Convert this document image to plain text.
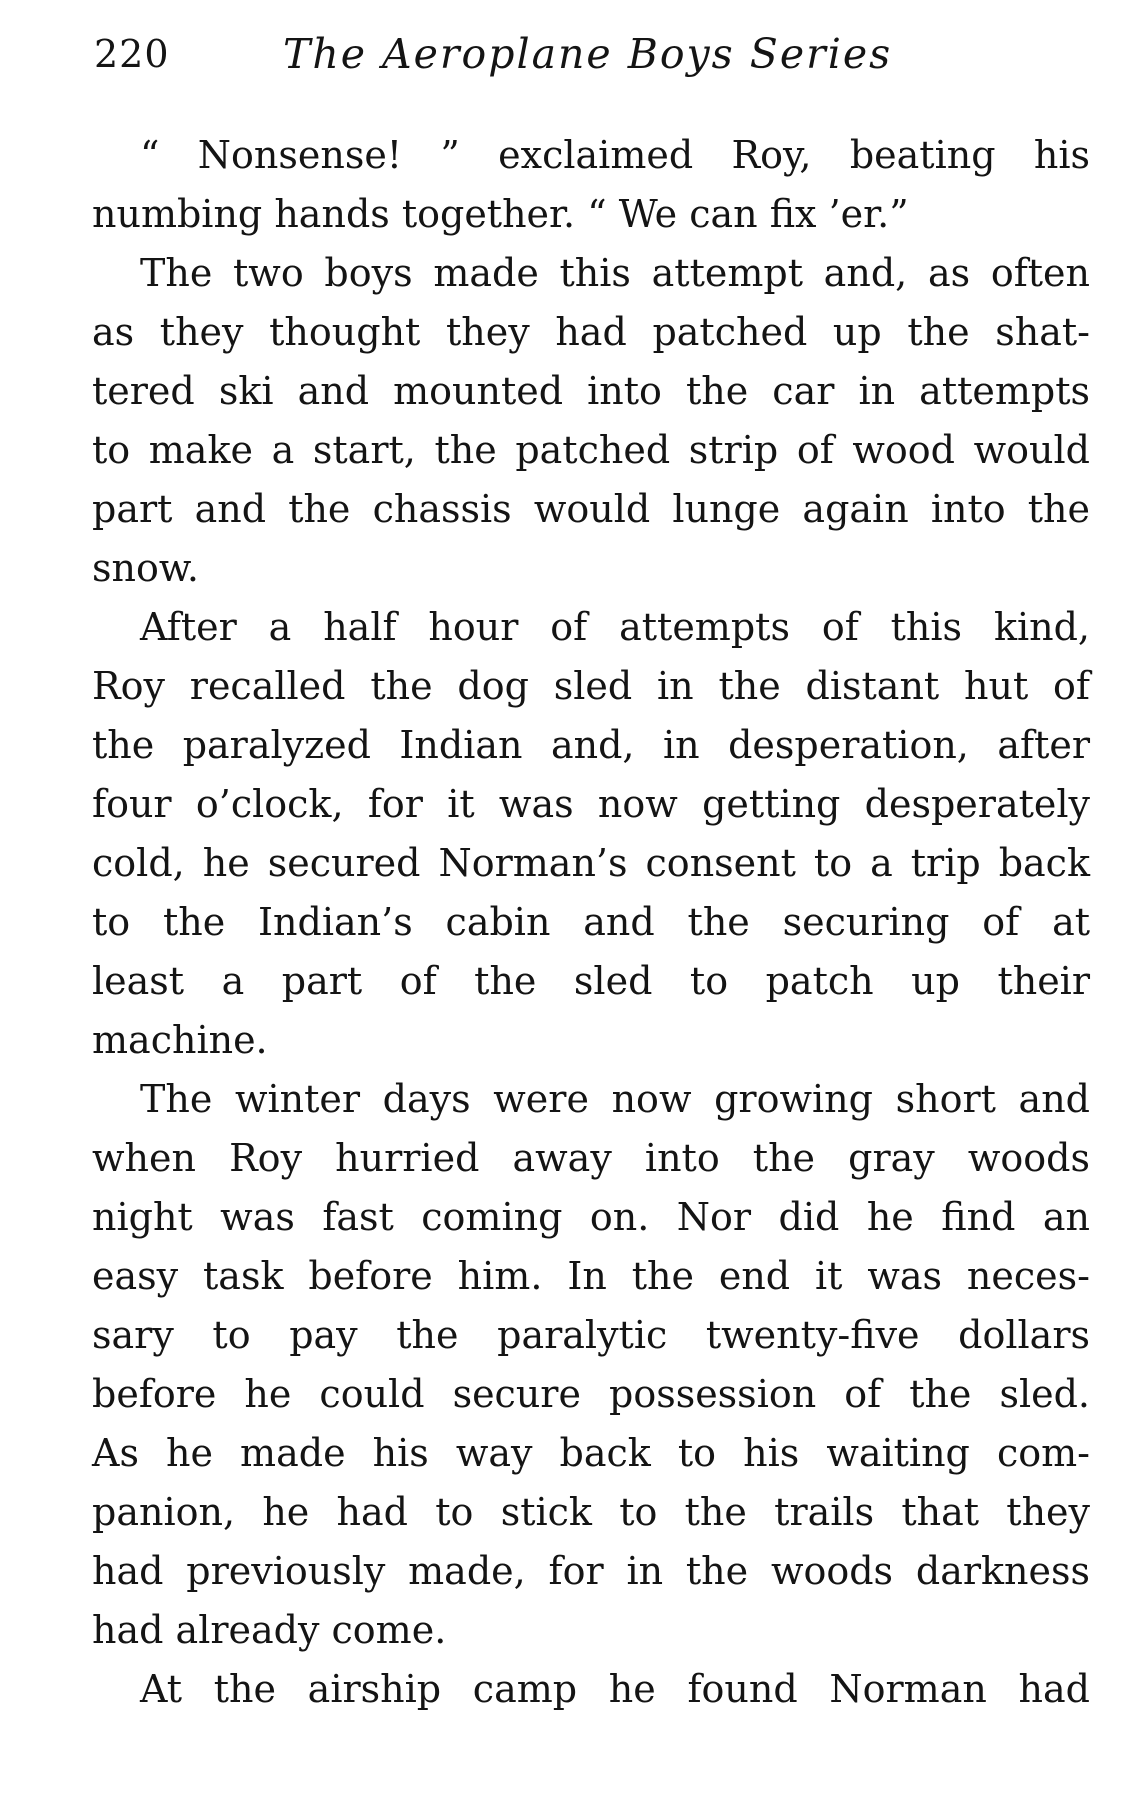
220	The Aeroplane Boys Series
“ Nonsense! ” exclaimed Roy, beating his
numbing hands together. “ We can fix ’er.”
The two boys made this attempt and, as often
as they thought they had patched up the shat-
tered ski and mounted into the car in attempts
to make a start, the patched strip of wood would
part and the chassis would lunge again into the
snow.
After a half hour of attempts of this kind,
Roy recalled the dog sled in the distant hut of
the paralyzed Indian and, in desperation, after
four o’clock, for it was now getting desperately
cold, he secured Norman’s consent to a trip back
to the Indian’s cabin and the securing of at
least a part of the sled to patch up their
machine.
The winter days were now growing short and
when Roy hurried away into the gray woods
night was fast coming on. Nor did he find an
easy task before him. In the end it was neces-
sary to pay the paralytic twenty-five dollars
before he could secure possession of the sled.
As he made his way back to his waiting com-
panion, he had to stick to the trails that they
had previously made, for in the woods darkness
had already come.
At the airship camp he found Norman had
